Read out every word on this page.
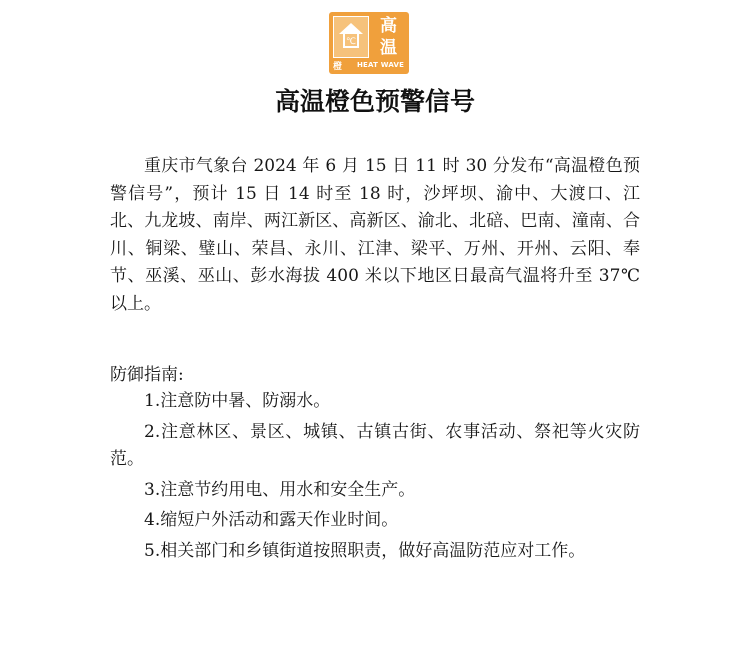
℃
高
温
橙	HEAT WAVE
高温橙色预警信号

重庆市气象台 2024 年 6 月 15 日 11 时 30 分发布“高温橙色预警信号”，预计 15 日 14 时至 18 时，沙坪坝、渝中、大渡口、江北、九龙坡、南岸、两江新区、高新区、渝北、北碚、巴南、潼南、合川、铜梁、璧山、荣昌、永川、江津、梁平、万州、开州、云阳、奉节、巫溪、巫山、彭水海拔 400 米以下地区日最高气温将升至 37℃以上。

防御指南:

1.注意防中暑、防溺水。
2.注意林区、景区、城镇、古镇古街、农事活动、祭祀等火灾防范。
3.注意节约用电、用水和安全生产。
4.缩短户外活动和露天作业时间。
5.相关部门和乡镇街道按照职责，做好高温防范应对工作。
